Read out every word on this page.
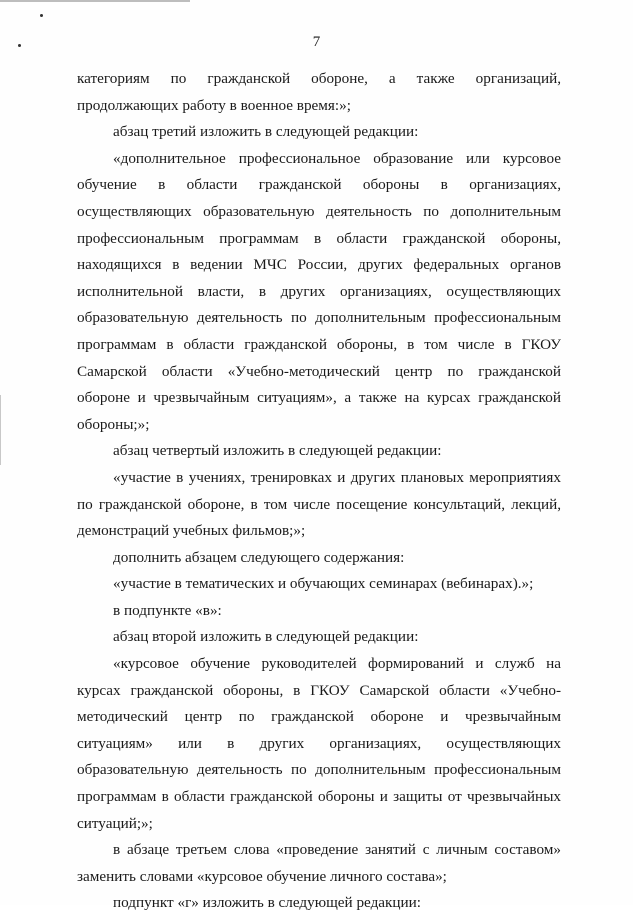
7

категориям по гражданской обороне, а также организаций, продолжающих работу в военное время:»;

абзац третий изложить в следующей редакции:

«дополнительное профессиональное образование или курсовое обучение в области гражданской обороны в организациях, осуществляющих образовательную деятельность по дополнительным профессиональным программам в области гражданской обороны, находящихся в ведении МЧС России, других федеральных органов исполнительной власти, в других организациях, осуществляющих образовательную деятельность по дополнительным профессиональным программам в области гражданской обороны, в том числе в ГКОУ Самарской области «Учебно-методический центр по гражданской обороне и чрезвычайным ситуациям», а также на курсах гражданской обороны;»;

абзац четвертый изложить в следующей редакции:

«участие в учениях, тренировках и других плановых мероприятиях по гражданской обороне, в том числе посещение консультаций, лекций, демонстраций учебных фильмов;»;

дополнить абзацем следующего содержания:

«участие в тематических и обучающих семинарах (вебинарах).»;

в подпункте «в»:

абзац второй изложить в следующей редакции:

«курсовое обучение руководителей формирований и служб на курсах гражданской обороны, в ГКОУ Самарской области «Учебно-методический центр по гражданской обороне и чрезвычайным ситуациям» или в других организациях, осуществляющих образовательную деятельность по дополнительным профессиональным программам в области гражданской обороны и защиты от чрезвычайных ситуаций;»;

в абзаце третьем слова «проведение занятий с личным составом» заменить словами «курсовое обучение личного состава»;

подпункт «г» изложить в следующей редакции:
